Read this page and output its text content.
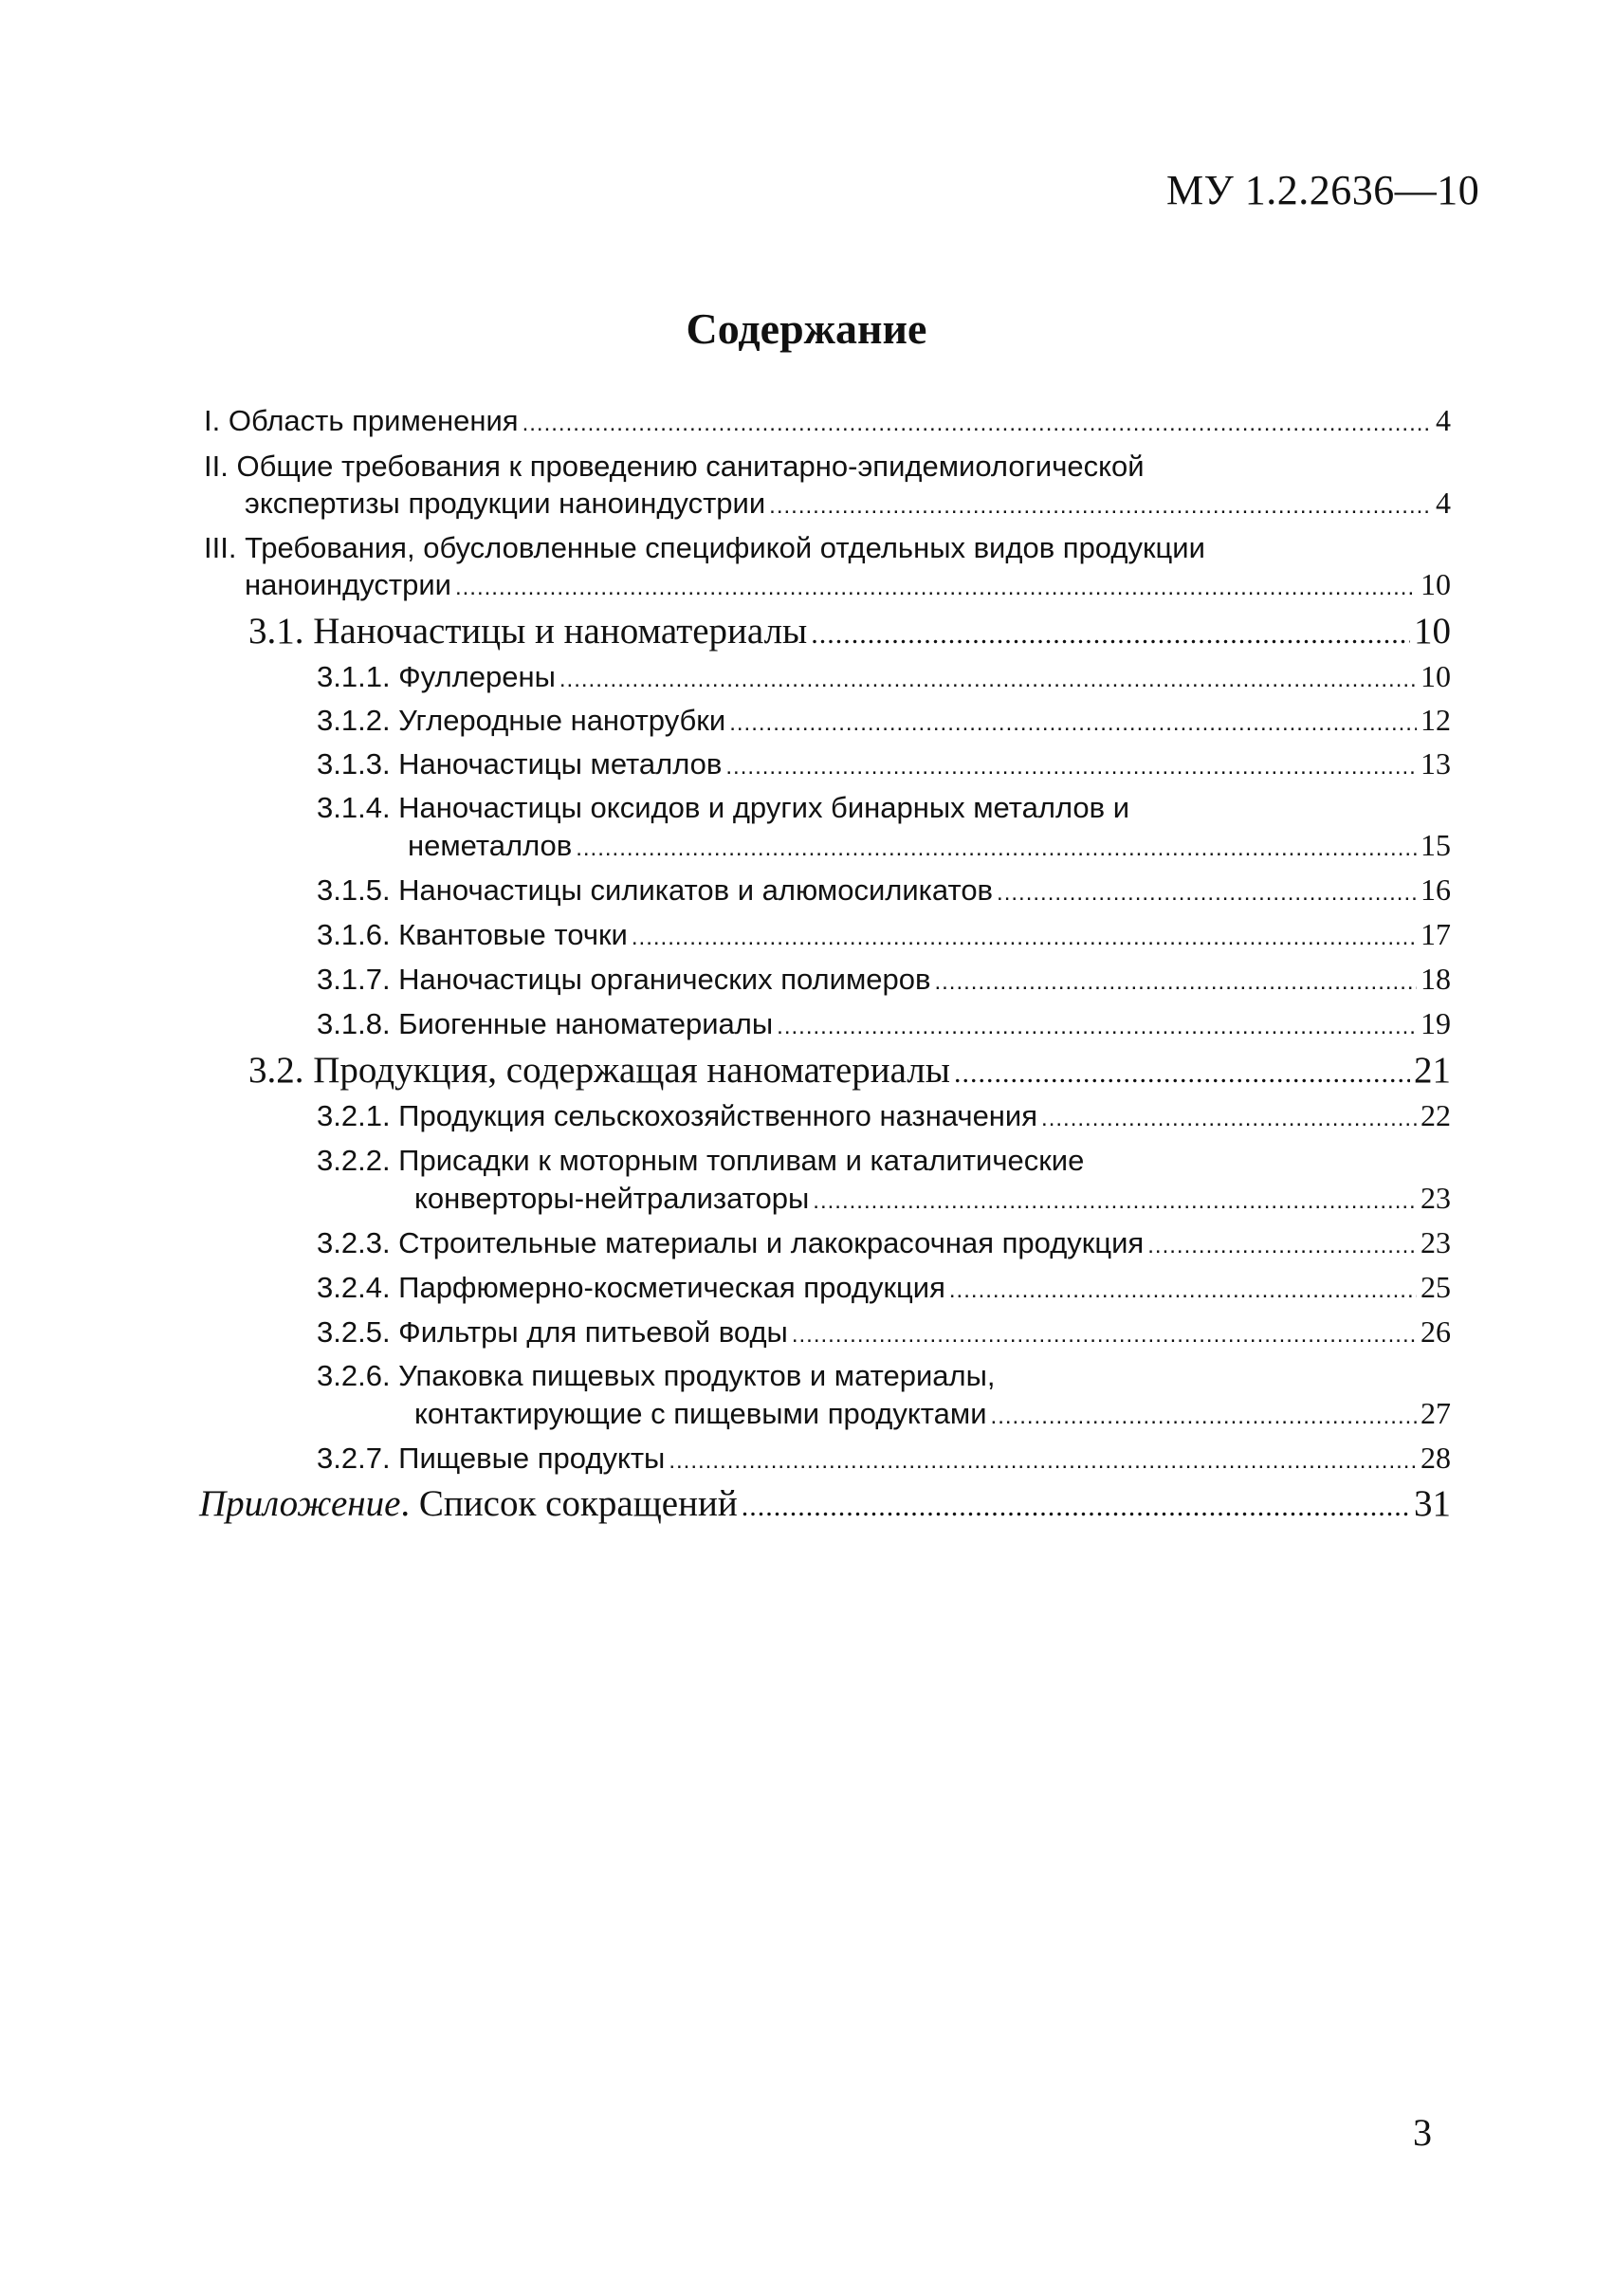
МУ 1.2.2636—10
Содержание
I. Область применения .....	4
II. Общие требования к проведению санитарно-эпидемиологической
экспертизы продукции наноиндустрии .....	4
III. Требования, обусловленные спецификой отдельных видов продукции
наноиндустрии .....	10
3.1. Наночастицы и наноматериалы .....	10
3.1.1. Фуллерены .....	10
3.1.2. Углеродные нанотрубки .....	12
3.1.3. Наночастицы металлов .....	13
3.1.4. Наночастицы оксидов и других бинарных металлов и
неметаллов .....	15
3.1.5. Наночастицы силикатов и алюмосиликатов .....	16
3.1.6. Квантовые точки .....	17
3.1.7. Наночастицы органических полимеров .....	18
3.1.8. Биогенные наноматериалы .....	19
3.2. Продукция, содержащая наноматериалы .....	21
3.2.1. Продукция сельскохозяйственного назначения .....	22
3.2.2. Присадки к моторным топливам и каталитические
конверторы-нейтрализаторы .....	23
3.2.3. Строительные материалы и лакокрасочная продукция .....	23
3.2.4. Парфюмерно-косметическая продукция .....	25
3.2.5. Фильтры для питьевой воды .....	26
3.2.6. Упаковка пищевых продуктов и материалы,
контактирующие с пищевыми продуктами .....	27
3.2.7. Пищевые продукты .....	28
Приложение . Список сокращений .....	31
3
